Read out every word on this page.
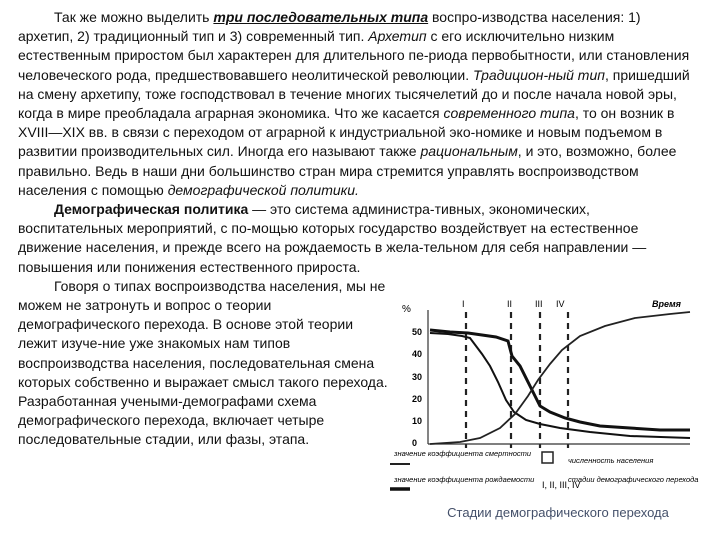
Так же можно выделить три последовательных типа воспро-изводства населения: 1) архетип, 2) традиционный тип и 3) современный тип. Архетип с его исключительно низким естественным приростом был характерен для длительного пе-риода первобытности, или становления человеческого рода, предшествовавшего неолитической революции. Традицион-ный тип, пришедший на смену архетипу, тоже господствовал в течение многих тысячелетий до и после начала новой эры, когда в мире преобладала аграрная экономика. Что же касается современного типа, то он возник в XVIII—XIX вв. в связи с переходом от аграрной к индустриальной эко-номике и новым подъемом в развитии производительных сил. Иногда его называют также рациональным, и это, возможно, более правильно. Ведь в наши дни большинство стран мира стремится управлять воспроизводством населения с помощью демографической политики.

Демографическая политика — это система администра-тивных, экономических, воспитательных мероприятий, с по-мощью которых государство воздействует на естественное движение населения, и прежде всего на рождаемость в жела-тельном для себя направлении — повышения или понижения естественного прироста.

Говоря о типах воспроизводства населения, мы не можем не затронуть и вопрос о теории демографического перехода. В основе этой теории лежит изуче-ние уже знакомых нам типов воспроизводства населения, последовательная смена которых собственно и выражает смысл такого перехода. Разработанная учеными-демографами схема демографического перехода, включает четыре последовательные стадии, или фазы, этапа.

%	Время
I	II	III IV
50
40
30
20
10
0
значение коэффициента смертности
значение коэффициента рождаемости
численность населения
I, II, III, IV
стадии демографического перехода
Стадии демографического перехода
